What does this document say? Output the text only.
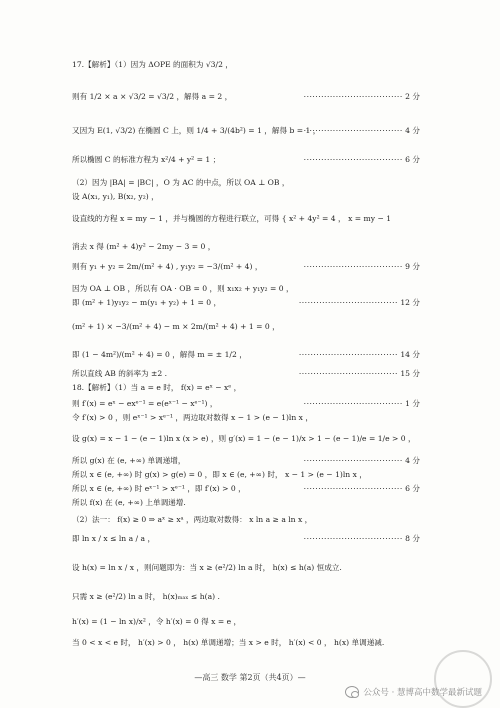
17.【解析】（1）因为 ΔOPE 的面积为 √3/2 ，
则有 1/2 × a × √3/2 = √3/2 ，解得 a = 2 ，	·································· 2 分
又因为 E(1, √3/2) 在椭圆 C 上，则 1/4 + 3/(4b²) = 1 ，解得 b = 1 ，
·································· 4 分
所以椭圆 C 的标准方程为 x²/4 + y² = 1 ；	·································· 6 分
（2）因为 |BA| = |BC| ，O 为 AC 的中点，所以 OA ⊥ OB ，
设 A(x₁, y₁), B(x₂, y₂) ，
设直线的方程 x = my − 1 ，并与椭圆的方程进行联立，可得 { x² + 4y² = 4 ， x = my − 1
消去 x 得 (m² + 4)y² − 2my − 3 = 0 ，
则有 y₁ + y₂ = 2m/(m² + 4) , y₁y₂ = −3/(m² + 4) ，	·································· 9 分
因为 OA ⊥ OB ，所以有 OA · OB = 0 ，则 x₁x₂ + y₁y₂ = 0 ，
即 (m² + 1)y₁y₂ − m(y₁ + y₂) + 1 = 0 ，	·································· 12 分
(m² + 1) × −3/(m² + 4) − m × 2m/(m² + 4) + 1 = 0 ，
即 (1 − 4m²)/(m² + 4) = 0 ，解得 m = ± 1/2 ，	·································· 14 分
所以直线 AB 的斜率为 ±2 .	·································· 15 分
18.【解析】（1）当 a = e 时， f(x) = eˣ − xᵉ ，
则 f′(x) = eˣ − exᵉ⁻¹ = e(eˣ⁻¹ − xᵉ⁻¹) ，	·································· 1 分
令 f′(x) > 0 ，则 eˣ⁻¹ > xᵉ⁻¹ ，两边取对数得 x − 1 > (e − 1)ln x ，
设 g(x) = x − 1 − (e − 1)ln x (x > e) ，则 g′(x) = 1 − (e − 1)/x > 1 − (e − 1)/e = 1/e > 0 ，
所以 g(x) 在 (e, +∞) 单调递增，	·································· 4 分
所以 x ∈ (e, +∞) 时 g(x) > g(e) = 0 ，即 x ∈ (e, +∞) 时， x − 1 > (e − 1)ln x ，
所以 x ∈ (e, +∞) 时 eˣ⁻¹ > xᵉ⁻¹ ，即 f′(x) > 0 ，	·································· 6 分
所以 f(x) 在 (e, +∞) 上单调递增.
（2）法一： f(x) ≥ 0 ⇒ aˣ ≥ xᵃ ，两边取对数得： x ln a ≥ a ln x ，
即 ln x / x ≤ ln a / a ，	·································· 8 分
设 h(x) = ln x / x ，则问题即为：当 x ≥ (e²/2) ln a 时， h(x) ≤ h(a) 恒成立.
只需 x ≥ (e²/2) ln a 时， h(x)ₘₐₓ ≤ h(a) .
h′(x) = (1 − ln x)/x² ，令 h′(x) = 0 得 x = e ，
当 0 < x < e 时， h′(x) > 0 ， h(x) 单调递增；当 x > e 时， h′(x) < 0 ， h(x) 单调递减.
—高三 数学 第2页（共4页）—
公众号 · 慧博高中数学最新试题
